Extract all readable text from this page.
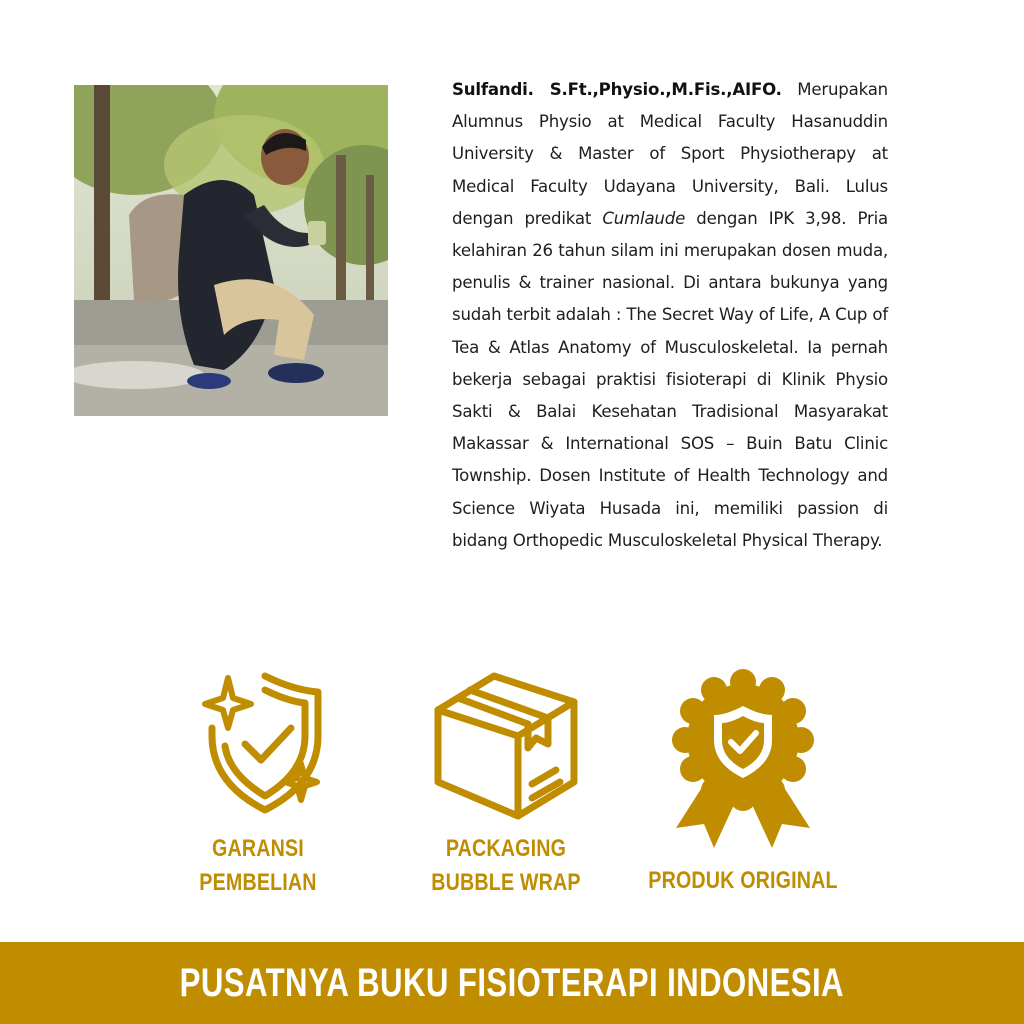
Sulfandi. S.Ft.,Physio.,M.Fis.,AIFO. Merupakan Alumnus Physio at Medical Faculty Hasanuddin University & Master of Sport Physiotherapy at Medical Faculty Udayana University, Bali. Lulus dengan predikat Cumlaude dengan IPK 3,98. Pria kelahiran 26 tahun silam ini merupakan dosen muda, penulis & trainer nasional. Di antara bukunya yang sudah terbit adalah : The Secret Way of Life, A Cup of Tea & Atlas Anatomy of Musculoskeletal. Ia pernah bekerja sebagai praktisi fisioterapi di Klinik Physio Sakti & Balai Kesehatan Tradisional Masyarakat Makassar & International SOS – Buin Batu Clinic Township. Dosen Institute of Health Technology and Science Wiyata Husada ini, memiliki passion di bidang Orthopedic Musculoskeletal Physical Therapy.
GARANSI
PEMBELIAN
PACKAGING
BUBBLE WRAP	PRODUK ORIGINAL
PUSATNYA BUKU FISIOTERAPI INDONESIA
